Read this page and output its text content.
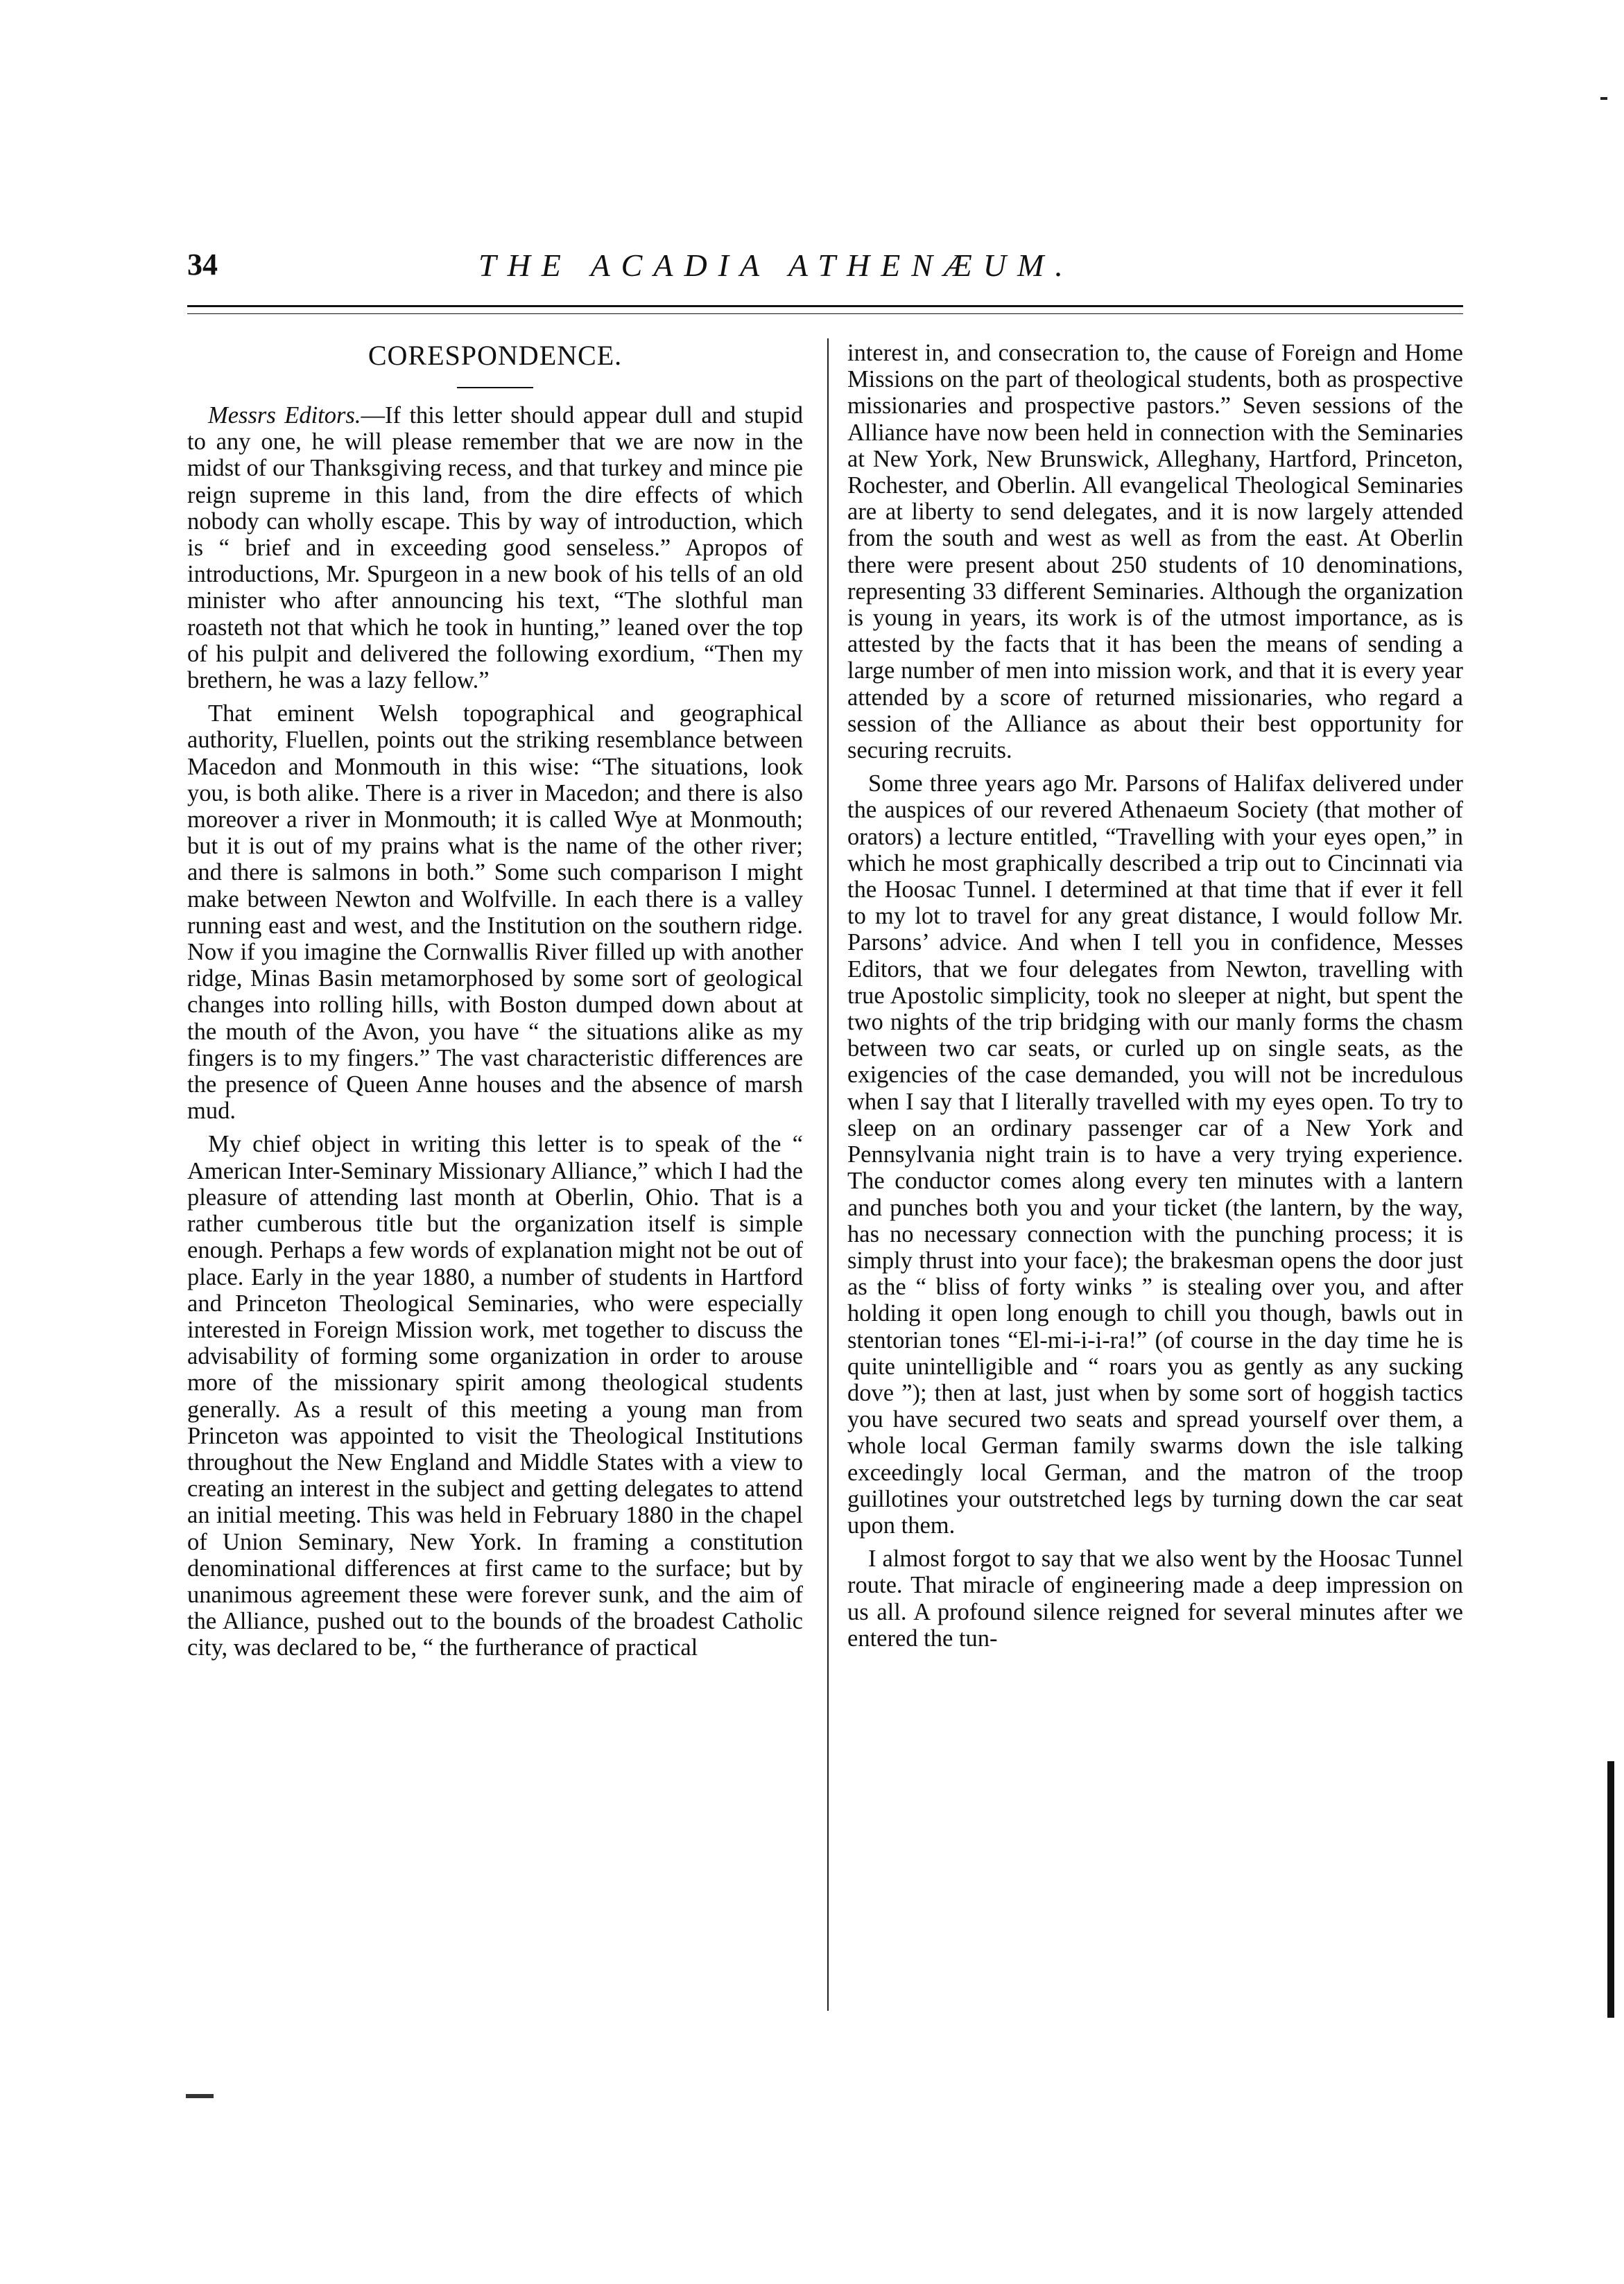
34	THE ACADIA ATHENÆUM.
CORESPONDENCE.

Messrs Editors.—If this letter should appear dull and stupid to any one, he will please remember that we are now in the midst of our Thanksgiving recess, and that turkey and mince pie reign supreme in this land, from the dire effects of which nobody can wholly escape. This by way of introduction, which is “ brief and in exceeding good senseless.” Apropos of introductions, Mr. Spurgeon in a new book of his tells of an old minister who after announcing his text, “The slothful man roasteth not that which he took in hunting,” leaned over the top of his pulpit and delivered the following exordium, “Then my brethern, he was a lazy fellow.”

That eminent Welsh topographical and geographical authority, Fluellen, points out the striking resemblance between Macedon and Monmouth in this wise: “The situations, look you, is both alike. There is a river in Macedon; and there is also moreover a river in Monmouth; it is called Wye at Monmouth; but it is out of my prains what is the name of the other river; and there is salmons in both.” Some such comparison I might make between Newton and Wolfville. In each there is a valley running east and west, and the Institution on the southern ridge. Now if you imagine the Cornwallis River filled up with another ridge, Minas Basin metamorphosed by some sort of geological changes into rolling hills, with Boston dumped down about at the mouth of the Avon, you have “ the situations alike as my fingers is to my fingers.” The vast characteristic differences are the presence of Queen Anne houses and the absence of marsh mud.

My chief object in writing this letter is to speak of the “ American Inter-Seminary Missionary Alliance,” which I had the pleasure of attending last month at Oberlin, Ohio. That is a rather cumberous title but the organization itself is simple enough. Perhaps a few words of explanation might not be out of place. Early in the year 1880, a number of students in Hartford and Princeton Theological Seminaries, who were especially interested in Foreign Mission work, met together to discuss the advisability of forming some organization in order to arouse more of the missionary spirit among theological students generally. As a result of this meeting a young man from Princeton was appointed to visit the Theological Institutions throughout the New England and Middle States with a view to creating an interest in the subject and getting delegates to attend an initial meeting. This was held in February 1880 in the chapel of Union Seminary, New York. In framing a constitution denominational differences at first came to the surface; but by unanimous agreement these were forever sunk, and the aim of the Alliance, pushed out to the bounds of the broadest Catholic city, was declared to be, “ the furtherance of practical

interest in, and consecration to, the cause of Foreign and Home Missions on the part of theological students, both as prospective missionaries and prospective pastors.” Seven sessions of the Alliance have now been held in connection with the Seminaries at New York, New Brunswick, Alleghany, Hartford, Princeton, Rochester, and Oberlin. All evangelical Theological Seminaries are at liberty to send delegates, and it is now largely attended from the south and west as well as from the east. At Oberlin there were present about 250 students of 10 denominations, representing 33 different Seminaries. Although the organization is young in years, its work is of the utmost importance, as is attested by the facts that it has been the means of sending a large number of men into mission work, and that it is every year attended by a score of returned missionaries, who regard a session of the Alliance as about their best opportunity for securing recruits.

Some three years ago Mr. Parsons of Halifax delivered under the auspices of our revered Athenaeum Society (that mother of orators) a lecture entitled, “Travelling with your eyes open,” in which he most graphically described a trip out to Cincinnati via the Hoosac Tunnel. I determined at that time that if ever it fell to my lot to travel for any great distance, I would follow Mr. Parsons’ advice. And when I tell you in confidence, Messes Editors, that we four delegates from Newton, travelling with true Apostolic simplicity, took no sleeper at night, but spent the two nights of the trip bridging with our manly forms the chasm between two car seats, or curled up on single seats, as the exigencies of the case demanded, you will not be incredulous when I say that I literally travelled with my eyes open. To try to sleep on an ordinary passenger car of a New York and Pennsylvania night train is to have a very trying experience. The conductor comes along every ten minutes with a lantern and punches both you and your ticket (the lantern, by the way, has no necessary connection with the punching process; it is simply thrust into your face); the brakesman opens the door just as the “ bliss of forty winks ” is stealing over you, and after holding it open long enough to chill you though, bawls out in stentorian tones “El-mi-i-i-ra!” (of course in the day time he is quite unintelligible and “ roars you as gently as any sucking dove ”); then at last, just when by some sort of hoggish tactics you have secured two seats and spread yourself over them, a whole local German family swarms down the isle talking exceedingly local German, and the matron of the troop guillotines your outstretched legs by turning down the car seat upon them.

I almost forgot to say that we also went by the Hoosac Tunnel route. That miracle of engineering made a deep impression on us all. A profound silence reigned for several minutes after we entered the tun-
